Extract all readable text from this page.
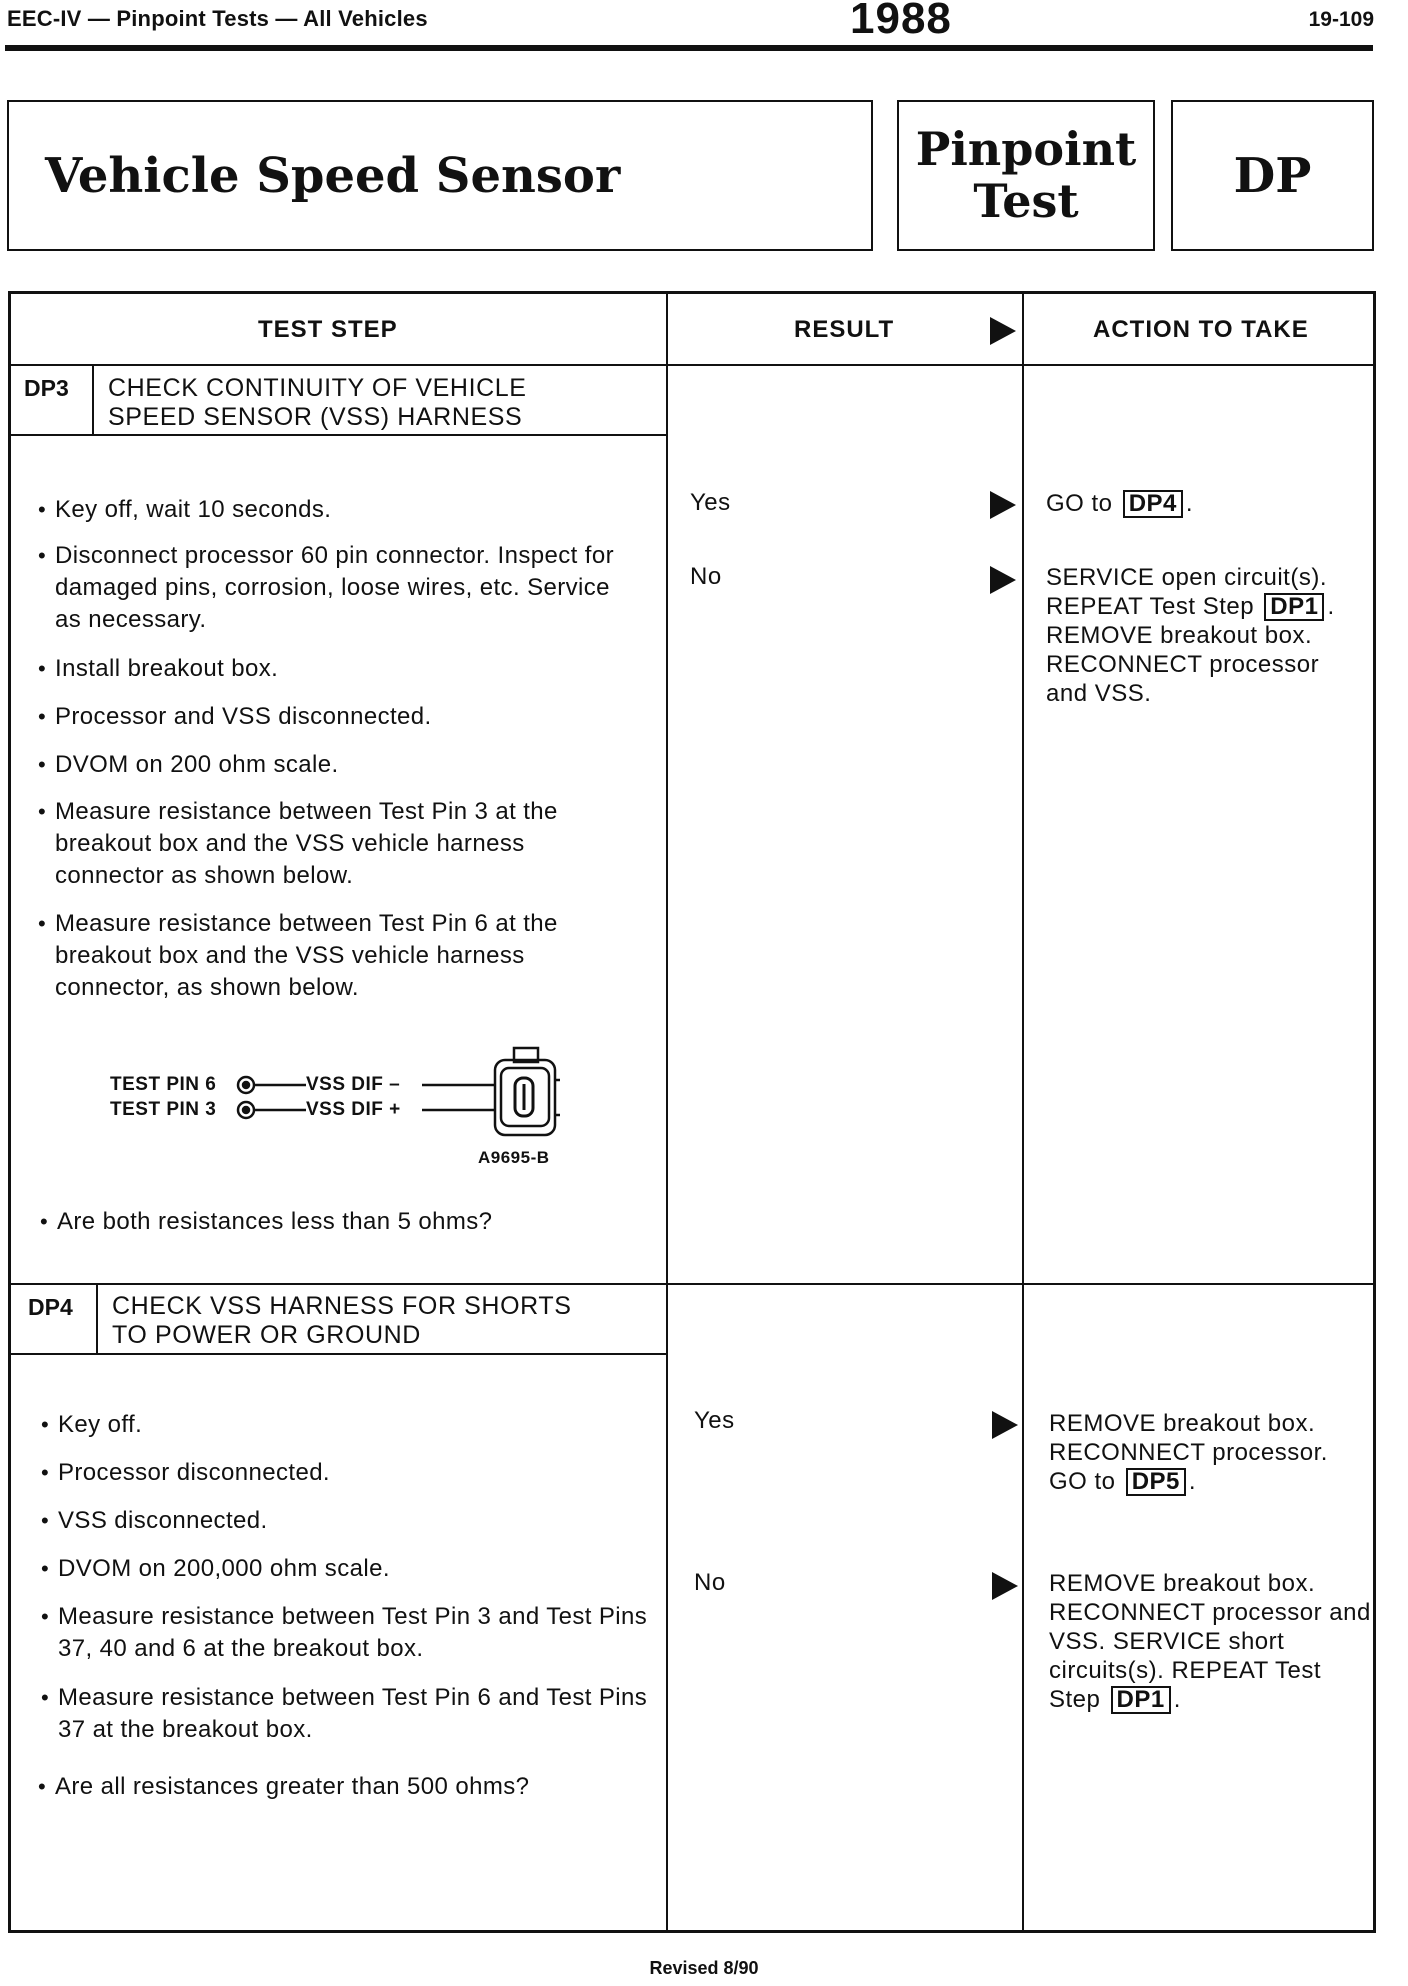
EEC-IV — Pinpoint Tests — All Vehicles	1988	19-109
Vehicle Speed Sensor	Pinpoint
Test	DP
TEST STEP	RESULT	ACTION TO TAKE
DP3 CHECK CONTINUITY OF VEHICLE
SPEED SENSOR (VSS) HARNESS
• Key off, wait 10 seconds.
• Disconnect processor 60 pin connector. Inspect for damaged pins, corrosion, loose wires, etc. Service as necessary.
• Install breakout box.
• Processor and VSS disconnected.
• DVOM on 200 ohm scale.
• Measure resistance between Test Pin 3 at the breakout box and the VSS vehicle harness connector as shown below.
• Measure resistance between Test Pin 6 at the breakout box and the VSS vehicle harness connector, as shown below.
TEST PIN 6
TEST PIN 3
VSS DIF –
VSS DIF +
A9695-B
• Are both resistances less than 5 ohms?
Yes	GO to DP4 .
No	SERVICE open circuit(s). REPEAT Test Step DP1 . REMOVE breakout box. RECONNECT processor and VSS.
DP4 CHECK VSS HARNESS FOR SHORTS
TO POWER OR GROUND
• Key off.
• Processor disconnected.
• VSS disconnected.
• DVOM on 200,000 ohm scale.
• Measure resistance between Test Pin 3 and Test Pins 37, 40 and 6 at the breakout box.
• Measure resistance between Test Pin 6 and Test Pins 37 at the breakout box.
• Are all resistances greater than 500 ohms?
Yes	REMOVE breakout box. RECONNECT processor. GO to DP5 .
No	REMOVE breakout box. RECONNECT processor and VSS. SERVICE short circuits(s). REPEAT Test Step DP1 .
Revised 8/90
